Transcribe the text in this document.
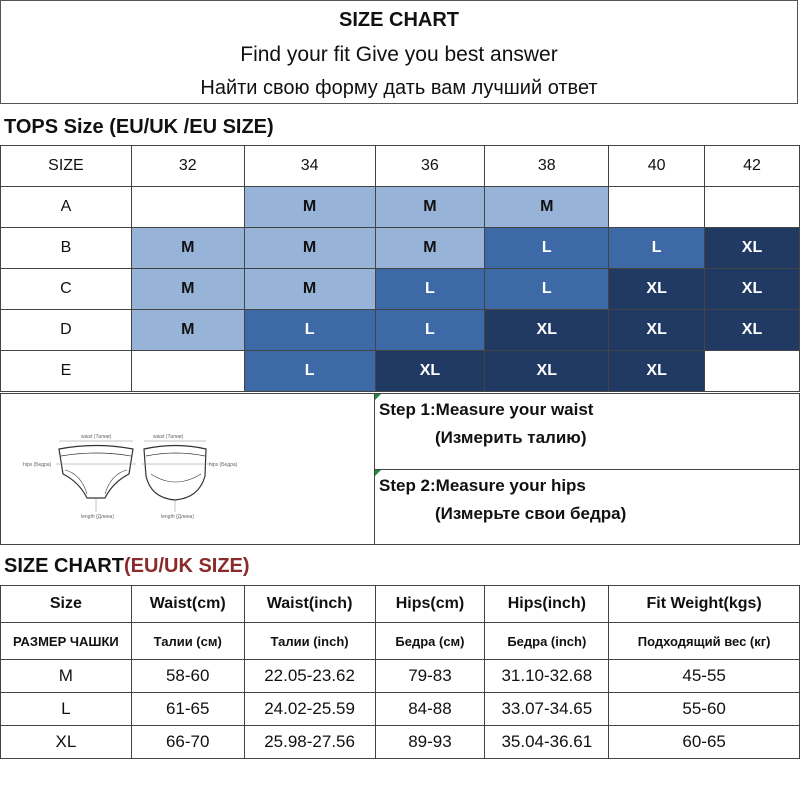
SIZE CHART
Find your fit Give you best answer
Найти свою форму дать вам лучший ответ
TOPS Size (EU/UK /EU SIZE)
SIZE	32	34	36	38	40	42
A		M	M	M		
B	M	M	M	L	L	XL
C	M	M	L	L	XL	XL
D	M	L	L	XL	XL	XL
E		L	XL	XL	XL	
waist (Талии)
hips (Бедра)
length (Длина)
waist (Талии)
hips (Бедра)
length (Длина)
Step 1:Measure your waist
(Измерить талию)
Step 2:Measure your hips
(Измерьте свои бедра)
SIZE CHART(EU/UK SIZE)
Size	Waist(cm)	Waist(inch)	Hips(cm)	Hips(inch)	Fit Weight(kgs)
РАЗМЕР ЧАШКИ	Талии (см)	Талии (inch)	Бедра (см)	Бедра (inch)	Подходящий вес (кг)
M	58-60	22.05-23.62	79-83	31.10-32.68	45-55
L	61-65	24.02-25.59	84-88	33.07-34.65	55-60
XL	66-70	25.98-27.56	89-93	35.04-36.61	60-65
